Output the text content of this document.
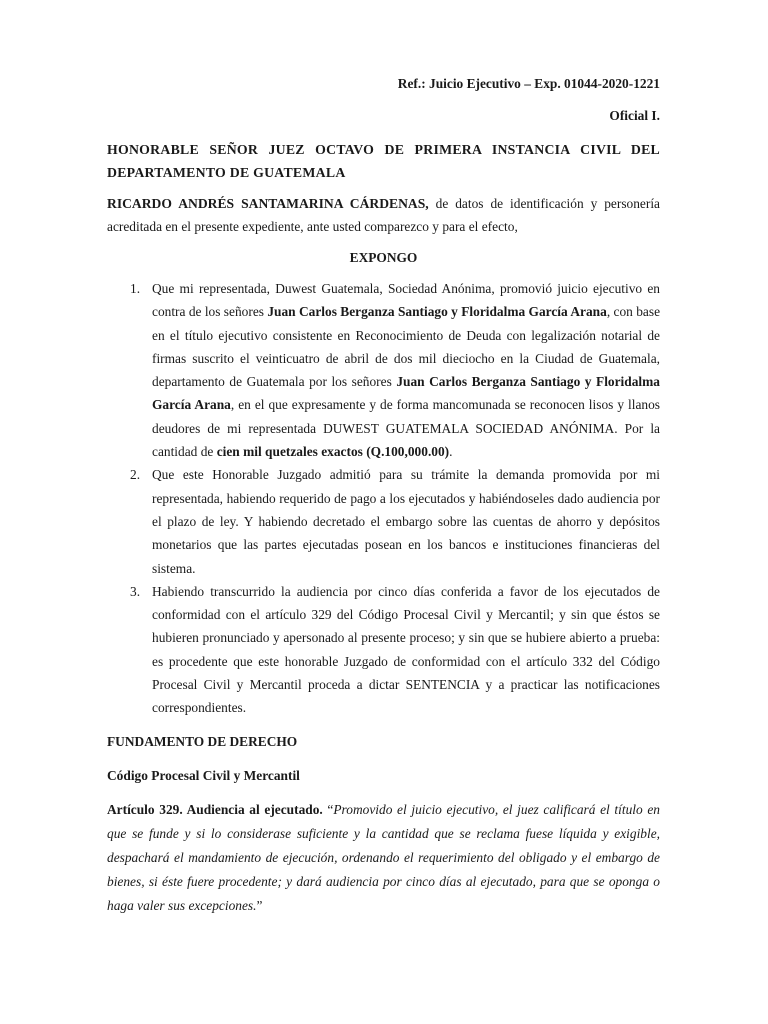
Ref.: Juicio Ejecutivo – Exp. 01044-2020-1221

Oficial I.

HONORABLE SEÑOR JUEZ OCTAVO DE PRIMERA INSTANCIA CIVIL DEL DEPARTAMENTO DE GUATEMALA

RICARDO ANDRÉS SANTAMARINA CÁRDENAS, de datos de identificación y personería acreditada en el presente expediente, ante usted comparezco y para el efecto,

EXPONGO

1. Que mi representada, Duwest Guatemala, Sociedad Anónima, promovió juicio ejecutivo en contra de los señores Juan Carlos Berganza Santiago y Floridalma García Arana, con base en el título ejecutivo consistente en Reconocimiento de Deuda con legalización notarial de firmas suscrito el veinticuatro de abril de dos mil dieciocho en la Ciudad de Guatemala, departamento de Guatemala por los señores Juan Carlos Berganza Santiago y Floridalma García Arana, en el que expresamente y de forma mancomunada se reconocen lisos y llanos deudores de mi representada DUWEST GUATEMALA SOCIEDAD ANÓNIMA. Por la cantidad de cien mil quetzales exactos (Q.100,000.00).
2. Que este Honorable Juzgado admitió para su trámite la demanda promovida por mi representada, habiendo requerido de pago a los ejecutados y habiéndoseles dado audiencia por el plazo de ley. Y habiendo decretado el embargo sobre las cuentas de ahorro y depósitos monetarios que las partes ejecutadas posean en los bancos e instituciones financieras del sistema.
3. Habiendo transcurrido la audiencia por cinco días conferida a favor de los ejecutados de conformidad con el artículo 329 del Código Procesal Civil y Mercantil; y sin que éstos se hubieren pronunciado y apersonado al presente proceso; y sin que se hubiere abierto a prueba: es procedente que este honorable Juzgado de conformidad con el artículo 332 del Código Procesal Civil y Mercantil proceda a dictar SENTENCIA y a practicar las notificaciones correspondientes.

FUNDAMENTO DE DERECHO

Código Procesal Civil y Mercantil

Artículo 329. Audiencia al ejecutado. “Promovido el juicio ejecutivo, el juez calificará el título en que se funde y si lo considerase suficiente y la cantidad que se reclama fuese líquida y exigible, despachará el mandamiento de ejecución, ordenando el requerimiento del obligado y el embargo de bienes, si éste fuere procedente; y dará audiencia por cinco días al ejecutado, para que se oponga o haga valer sus excepciones.”
